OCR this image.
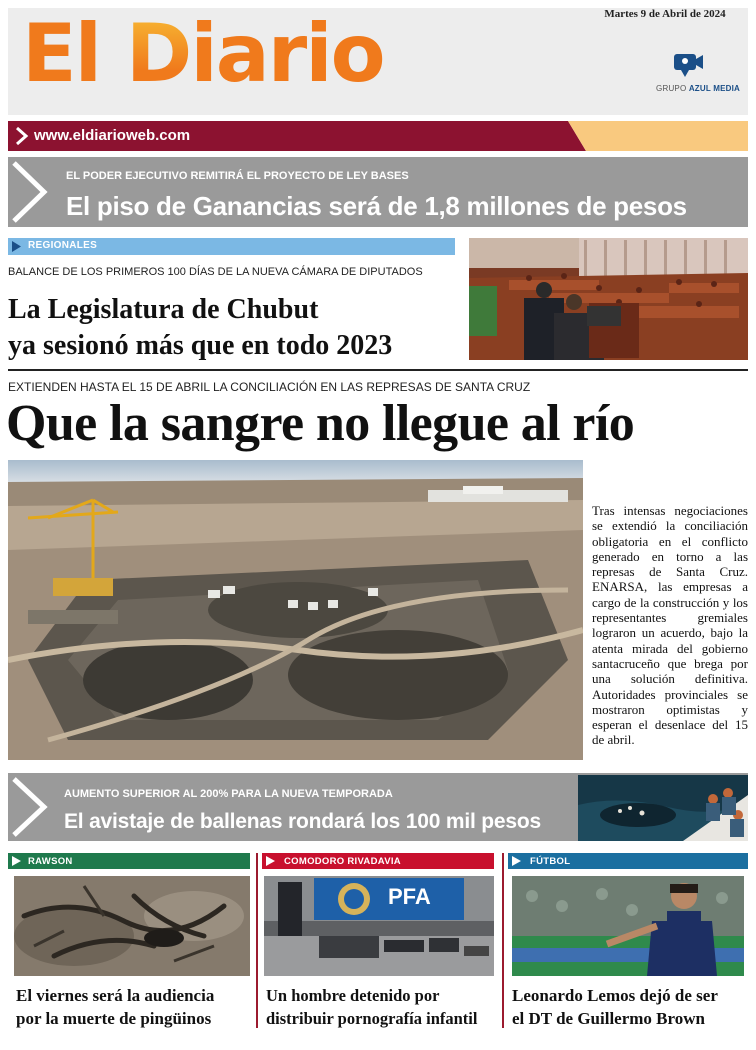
El Diario	GRUPO AZUL MEDIA
www.eldiarioweb.com
Martes 9 de Abril de 2024
EL PODER EJECUTIVO REMITIRÁ EL PROYECTO DE LEY BASES
El piso de Ganancias será de 1,8 millones de pesos
REGIONALES
BALANCE DE LOS PRIMEROS 100 DÍAS DE LA NUEVA CÁMARA DE DIPUTADOS
La Legislatura de Chubut
ya sesionó más que en todo 2023
EXTIENDEN HASTA EL 15 DE ABRIL LA CONCILIACIÓN EN LAS REPRESAS DE SANTA CRUZ
Que la sangre no llegue al río
Tras intensas negociaciones se extendió la conciliación obligatoria en el conflicto generado en torno a las represas de Santa Cruz. ENARSA, las empresas a cargo de la construcción y los representantes gremiales lograron un acuerdo, bajo la atenta mirada del gobierno santacruceño que brega por una solución definitiva. Autoridades provinciales se mostraron optimistas y esperan el desenlace del 15 de abril.
AUMENTO SUPERIOR AL 200% PARA LA NUEVA TEMPORADA
El avistaje de ballenas rondará los 100 mil pesos
RAWSON
El viernes será la audiencia
por la muerte de pingüinos
COMODORO RIVADAVIA
PFA
Un hombre detenido por
distribuir pornografía infantil
FÚTBOL
Leonardo Lemos dejó de ser
el DT de Guillermo Brown
